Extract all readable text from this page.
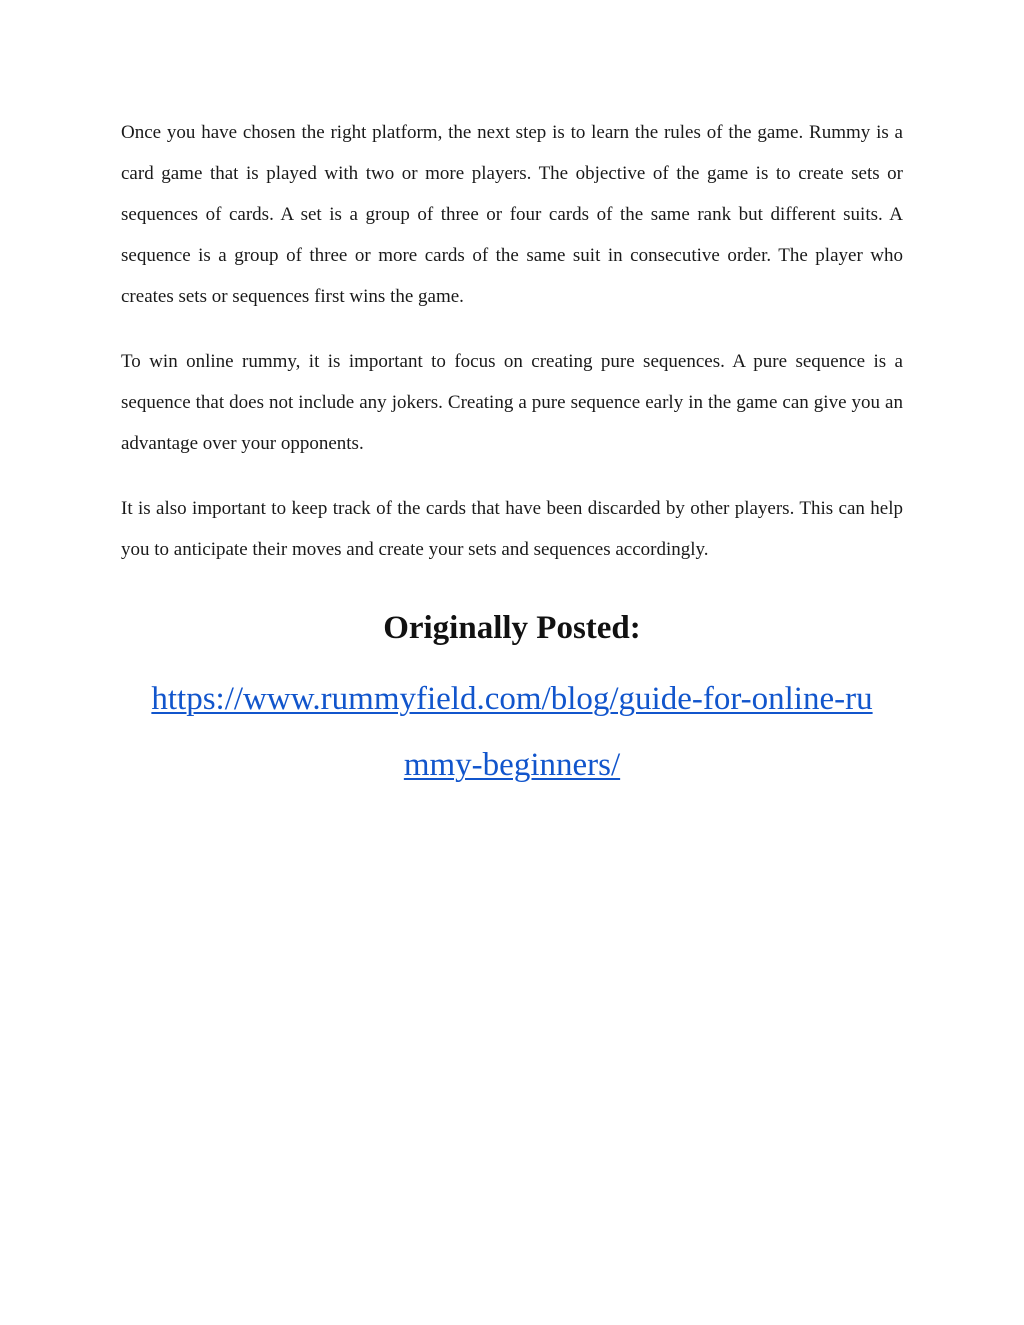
Once you have chosen the right platform, the next step is to learn the rules of the game. Rummy is a card game that is played with two or more players. The objective of the game is to create sets or sequences of cards. A set is a group of three or four cards of the same rank but different suits. A sequence is a group of three or more cards of the same suit in consecutive order. The player who creates sets or sequences first wins the game.

To win online rummy, it is important to focus on creating pure sequences. A pure sequence is a sequence that does not include any jokers. Creating a pure sequence early in the game can give you an advantage over your opponents.

It is also important to keep track of the cards that have been discarded by other players. This can help you to anticipate their moves and create your sets and sequences accordingly.

Originally Posted:
https://www.rummyfield.com/blog/guide-for-online-ru
mmy-beginners/
